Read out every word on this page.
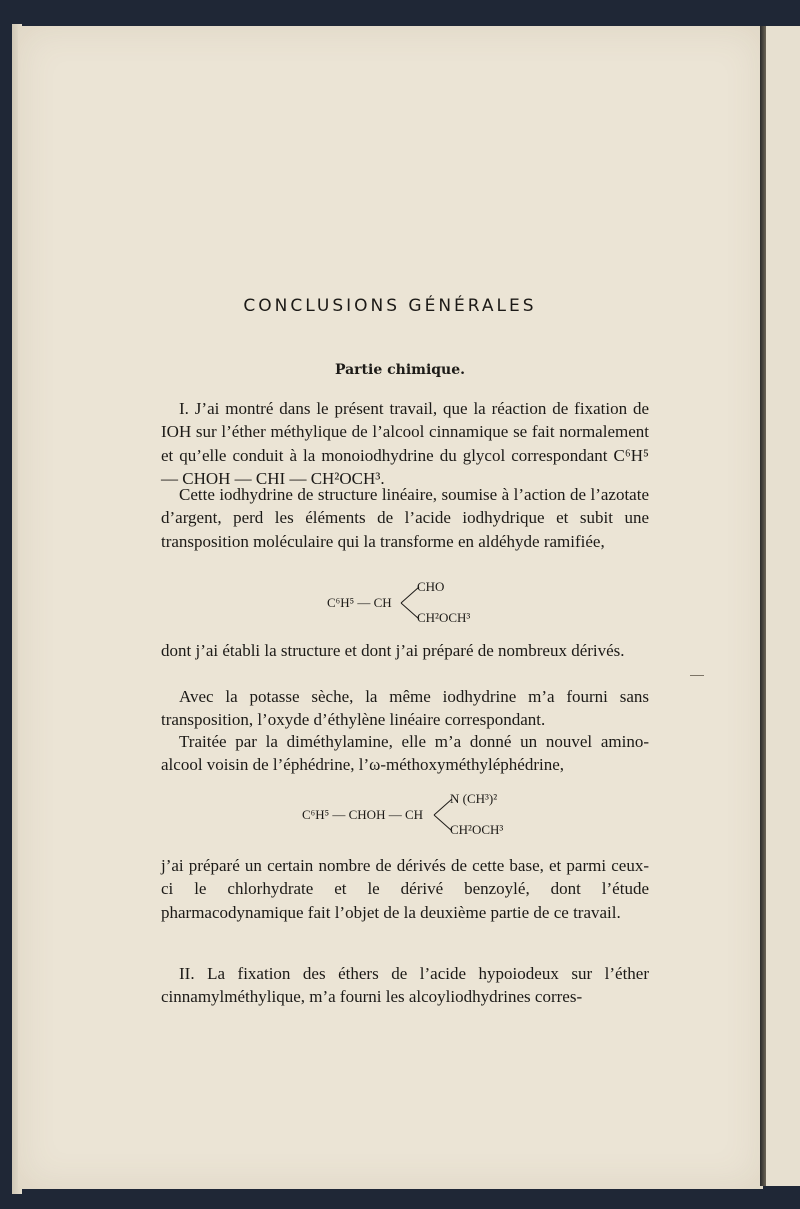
CONCLUSIONS GÉNÉRALES
Partie chimique.

I. J’ai montré dans le présent travail, que la réaction de fixation de IOH sur l’éther méthylique de l’alcool cinnamique se fait normalement et qu’elle conduit à la monoiodhydrine du glycol correspondant C⁶H⁵ — CHOH — CHI — CH²OCH³.

Cette iodhydrine de structure linéaire, soumise à l’action de l’azotate d’argent, perd les éléments de l’acide iodhydrique et subit une transposition moléculaire qui la transforme en aldéhyde ramifiée,

C⁶H⁵ — CH
CHO
CH²OCH³

dont j’ai établi la structure et dont j’ai préparé de nombreux dérivés.

Avec la potasse sèche, la même iodhydrine m’a fourni sans transposition, l’oxyde d’éthylène linéaire correspondant.

Traitée par la diméthylamine, elle m’a donné un nouvel amino-alcool voisin de l’éphédrine, l’ω-méthoxyméthyléphédrine,

C⁶H⁵ — CHOH — CH
N (CH³)²
CH²OCH³

j’ai préparé un certain nombre de dérivés de cette base, et parmi ceux-ci le chlorhydrate et le dérivé benzoylé, dont l’étude pharmacodynamique fait l’objet de la deuxième partie de ce travail.

II. La fixation des éthers de l’acide hypoiodeux sur l’éther cinnamylméthylique, m’a fourni les alcoyliodhydrines corres-
